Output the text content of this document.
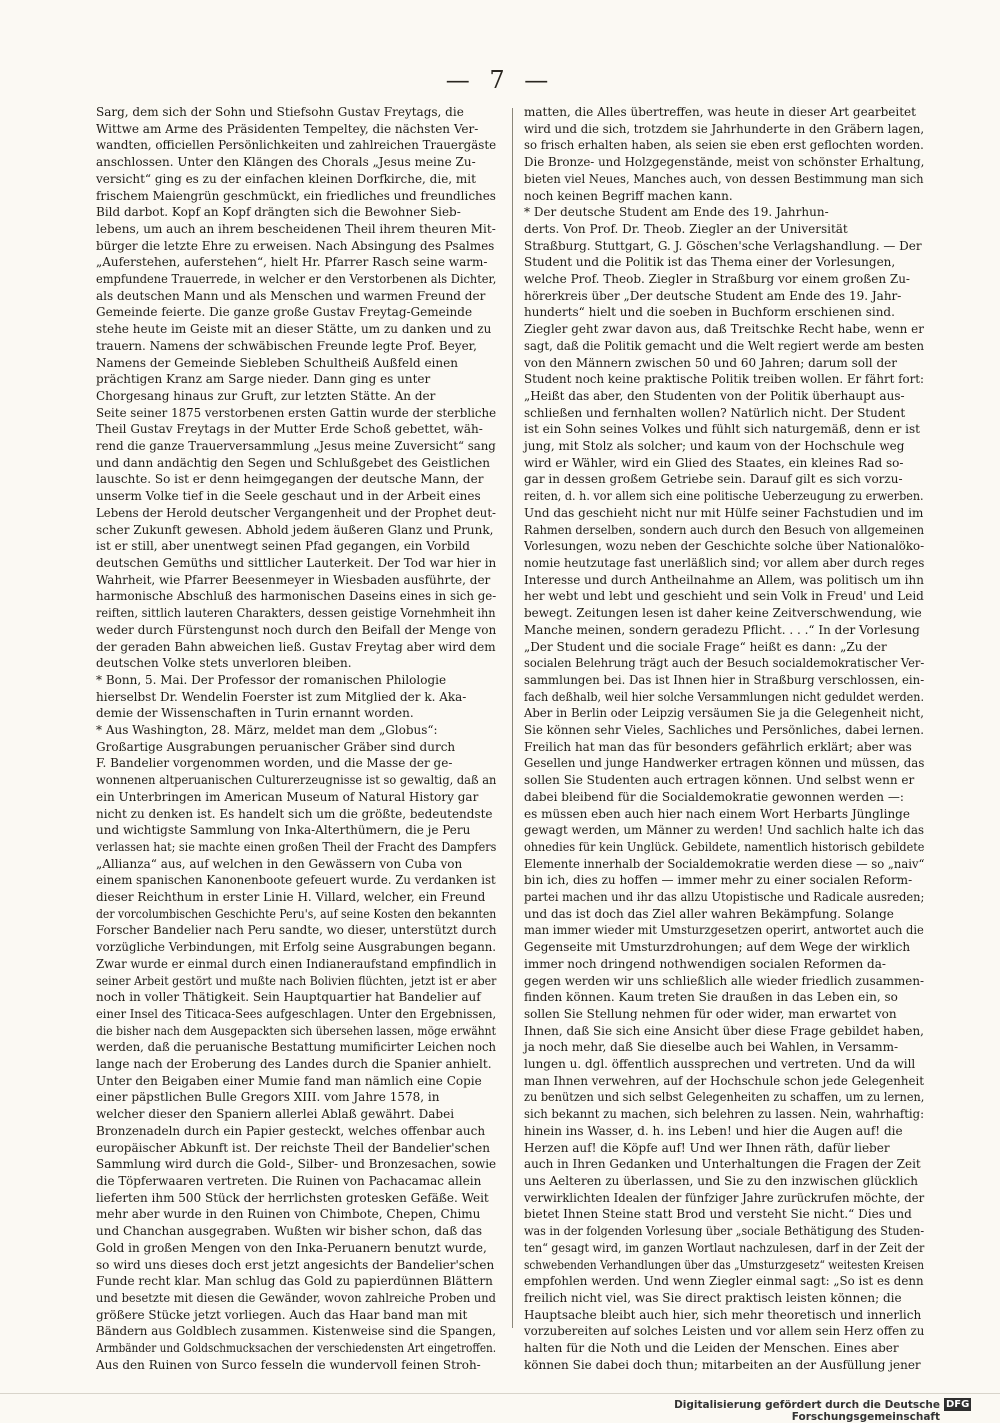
— 7 —
Sarg, dem sich der Sohn und Stiefsohn Gustav Freytags, die
Wittwe am Arme des Präsidenten Tempeltey, die nächsten Ver-
wandten, officiellen Persönlichkeiten und zahlreichen Trauergäste
anschlossen. Unter den Klängen des Chorals „Jesus meine Zu-
versicht“ ging es zu der einfachen kleinen Dorfkirche, die, mit
frischem Maiengrün geschmückt, ein friedliches und freundliches
Bild darbot. Kopf an Kopf drängten sich die Bewohner Sieb-
lebens, um auch an ihrem bescheidenen Theil ihrem theuren Mit-
bürger die letzte Ehre zu erweisen. Nach Absingung des Psalmes
„Auferstehen, auferstehen“, hielt Hr. Pfarrer Rasch seine warm-
empfundene Trauerrede, in welcher er den Verstorbenen als Dichter,
als deutschen Mann und als Menschen und warmen Freund der
Gemeinde feierte. Die ganze große Gustav Freytag-Gemeinde
stehe heute im Geiste mit an dieser Stätte, um zu danken und zu
trauern. Namens der schwäbischen Freunde legte Prof. Beyer,
Namens der Gemeinde Siebleben Schultheiß Außfeld einen
prächtigen Kranz am Sarge nieder. Dann ging es unter
Chorgesang hinaus zur Gruft, zur letzten Stätte. An der
Seite seiner 1875 verstorbenen ersten Gattin wurde der sterbliche
Theil Gustav Freytags in der Mutter Erde Schoß gebettet, wäh-
rend die ganze Trauerversammlung „Jesus meine Zuversicht“ sang
und dann andächtig den Segen und Schlußgebet des Geistlichen
lauschte. So ist er denn heimgegangen der deutsche Mann, der
unserm Volke tief in die Seele geschaut und in der Arbeit eines
Lebens der Herold deutscher Vergangenheit und der Prophet deut-
scher Zukunft gewesen. Abhold jedem äußeren Glanz und Prunk,
ist er still, aber unentwegt seinen Pfad gegangen, ein Vorbild
deutschen Gemüths und sittlicher Lauterkeit. Der Tod war hier in
Wahrheit, wie Pfarrer Beesenmeyer in Wiesbaden ausführte, der
harmonische Abschluß des harmonischen Daseins eines in sich ge-
reiften, sittlich lauteren Charakters, dessen geistige Vornehmheit ihn
weder durch Fürstengunst noch durch den Beifall der Menge von
der geraden Bahn abweichen ließ. Gustav Freytag aber wird dem
deutschen Volke stets unverloren bleiben.
* Bonn, 5. Mai. Der Professor der romanischen Philologie
hierselbst Dr. Wendelin Foerster ist zum Mitglied der k. Aka-
demie der Wissenschaften in Turin ernannt worden.
* Aus Washington, 28. März, meldet man dem „Globus“:
Großartige Ausgrabungen peruanischer Gräber sind durch
F. Bandelier vorgenommen worden, und die Masse der ge-
wonnenen altperuanischen Culturerzeugnisse ist so gewaltig, daß an
ein Unterbringen im American Museum of Natural History gar
nicht zu denken ist. Es handelt sich um die größte, bedeutendste
und wichtigste Sammlung von Inka-Alterthümern, die je Peru
verlassen hat; sie machte einen großen Theil der Fracht des Dampfers
„Allianza“ aus, auf welchen in den Gewässern von Cuba von
einem spanischen Kanonenboote gefeuert wurde. Zu verdanken ist
dieser Reichthum in erster Linie H. Villard, welcher, ein Freund
der vorcolumbischen Geschichte Peru's, auf seine Kosten den bekannten
Forscher Bandelier nach Peru sandte, wo dieser, unterstützt durch
vorzügliche Verbindungen, mit Erfolg seine Ausgrabungen begann.
Zwar wurde er einmal durch einen Indianeraufstand empfindlich in
seiner Arbeit gestört und mußte nach Bolivien flüchten, jetzt ist er aber
noch in voller Thätigkeit. Sein Hauptquartier hat Bandelier auf
einer Insel des Titicaca-Sees aufgeschlagen. Unter den Ergebnissen,
die bisher nach dem Ausgepackten sich übersehen lassen, möge erwähnt
werden, daß die peruanische Bestattung mumificirter Leichen noch
lange nach der Eroberung des Landes durch die Spanier anhielt.
Unter den Beigaben einer Mumie fand man nämlich eine Copie
einer päpstlichen Bulle Gregors XIII. vom Jahre 1578, in
welcher dieser den Spaniern allerlei Ablaß gewährt. Dabei
Bronzenadeln durch ein Papier gesteckt, welches offenbar auch
europäischer Abkunft ist. Der reichste Theil der Bandelier'schen
Sammlung wird durch die Gold-, Silber- und Bronzesachen, sowie
die Töpferwaaren vertreten. Die Ruinen von Pachacamac allein
lieferten ihm 500 Stück der herrlichsten grotesken Gefäße. Weit
mehr aber wurde in den Ruinen von Chimbote, Chepen, Chimu
und Chanchan ausgegraben. Wußten wir bisher schon, daß das
Gold in großen Mengen von den Inka-Peruanern benutzt wurde,
so wird uns dieses doch erst jetzt angesichts der Bandelier'schen
Funde recht klar. Man schlug das Gold zu papierdünnen Blättern
und besetzte mit diesen die Gewänder, wovon zahlreiche Proben und
größere Stücke jetzt vorliegen. Auch das Haar band man mit
Bändern aus Goldblech zusammen. Kistenweise sind die Spangen,
Armbänder und Goldschmucksachen der verschiedensten Art eingetroffen.
Aus den Ruinen von Surco fesseln die wundervoll feinen Stroh-
matten, die Alles übertreffen, was heute in dieser Art gearbeitet
wird und die sich, trotzdem sie Jahrhunderte in den Gräbern lagen,
so frisch erhalten haben, als seien sie eben erst geflochten worden.
Die Bronze- und Holzgegenstände, meist von schönster Erhaltung,
bieten viel Neues, Manches auch, von dessen Bestimmung man sich
noch keinen Begriff machen kann.
* Der deutsche Student am Ende des 19. Jahrhun-
derts. Von Prof. Dr. Theob. Ziegler an der Universität
Straßburg. Stuttgart, G. J. Göschen'sche Verlagshandlung. — Der
Student und die Politik ist das Thema einer der Vorlesungen,
welche Prof. Theob. Ziegler in Straßburg vor einem großen Zu-
hörerkreis über „Der deutsche Student am Ende des 19. Jahr-
hunderts“ hielt und die soeben in Buchform erschienen sind.
Ziegler geht zwar davon aus, daß Treitschke Recht habe, wenn er
sagt, daß die Politik gemacht und die Welt regiert werde am besten
von den Männern zwischen 50 und 60 Jahren; darum soll der
Student noch keine praktische Politik treiben wollen. Er fährt fort:
„Heißt das aber, den Studenten von der Politik überhaupt aus-
schließen und fernhalten wollen? Natürlich nicht. Der Student
ist ein Sohn seines Volkes und fühlt sich naturgemäß, denn er ist
jung, mit Stolz als solcher; und kaum von der Hochschule weg
wird er Wähler, wird ein Glied des Staates, ein kleines Rad so-
gar in dessen großem Getriebe sein. Darauf gilt es sich vorzu-
reiten, d. h. vor allem sich eine politische Ueberzeugung zu erwerben.
Und das geschieht nicht nur mit Hülfe seiner Fachstudien und im
Rahmen derselben, sondern auch durch den Besuch von allgemeinen
Vorlesungen, wozu neben der Geschichte solche über Nationalöko-
nomie heutzutage fast unerläßlich sind; vor allem aber durch reges
Interesse und durch Antheilnahme an Allem, was politisch um ihn
her webt und lebt und geschieht und sein Volk in Freud' und Leid
bewegt. Zeitungen lesen ist daher keine Zeitverschwendung, wie
Manche meinen, sondern geradezu Pflicht. . . .“ In der Vorlesung
„Der Student und die sociale Frage“ heißt es dann: „Zu der
socialen Belehrung trägt auch der Besuch socialdemokratischer Ver-
sammlungen bei. Das ist Ihnen hier in Straßburg verschlossen, ein-
fach deßhalb, weil hier solche Versammlungen nicht geduldet werden.
Aber in Berlin oder Leipzig versäumen Sie ja die Gelegenheit nicht,
Sie können sehr Vieles, Sachliches und Persönliches, dabei lernen.
Freilich hat man das für besonders gefährlich erklärt; aber was
Gesellen und junge Handwerker ertragen können und müssen, das
sollen Sie Studenten auch ertragen können. Und selbst wenn er
dabei bleibend für die Socialdemokratie gewonnen werden —:
es müssen eben auch hier nach einem Wort Herbarts Jünglinge
gewagt werden, um Männer zu werden! Und sachlich halte ich das
ohnedies für kein Unglück. Gebildete, namentlich historisch gebildete
Elemente innerhalb der Socialdemokratie werden diese — so „naiv“
bin ich, dies zu hoffen — immer mehr zu einer socialen Reform-
partei machen und ihr das allzu Utopistische und Radicale ausreden;
und das ist doch das Ziel aller wahren Bekämpfung. Solange
man immer wieder mit Umsturzgesetzen operirt, antwortet auch die
Gegenseite mit Umsturzdrohungen; auf dem Wege der wirklich
immer noch dringend nothwendigen socialen Reformen da-
gegen werden wir uns schließlich alle wieder friedlich zusammen-
finden können. Kaum treten Sie draußen in das Leben ein, so
sollen Sie Stellung nehmen für oder wider, man erwartet von
Ihnen, daß Sie sich eine Ansicht über diese Frage gebildet haben,
ja noch mehr, daß Sie dieselbe auch bei Wahlen, in Versamm-
lungen u. dgl. öffentlich aussprechen und vertreten. Und da will
man Ihnen verwehren, auf der Hochschule schon jede Gelegenheit
zu benützen und sich selbst Gelegenheiten zu schaffen, um zu lernen,
sich bekannt zu machen, sich belehren zu lassen. Nein, wahrhaftig:
hinein ins Wasser, d. h. ins Leben! und hier die Augen auf! die
Herzen auf! die Köpfe auf! Und wer Ihnen räth, dafür lieber
auch in Ihren Gedanken und Unterhaltungen die Fragen der Zeit
uns Aelteren zu überlassen, und Sie zu den inzwischen glücklich
verwirklichten Idealen der fünfziger Jahre zurückrufen möchte, der
bietet Ihnen Steine statt Brod und versteht Sie nicht.“ Dies und
was in der folgenden Vorlesung über „sociale Bethätigung des Studen-
ten“ gesagt wird, im ganzen Wortlaut nachzulesen, darf in der Zeit der
schwebenden Verhandlungen über das „Umsturzgesetz“ weitesten Kreisen
empfohlen werden. Und wenn Ziegler einmal sagt: „So ist es denn
freilich nicht viel, was Sie direct praktisch leisten können; die
Hauptsache bleibt auch hier, sich mehr theoretisch und innerlich
vorzubereiten auf solches Leisten und vor allem sein Herz offen zu
halten für die Noth und die Leiden der Menschen. Eines aber
können Sie dabei doch thun; mitarbeiten an der Ausfüllung jener
Digitalisierung gefördert durch die Deutsche Forschungsgemeinschaft
DFG
